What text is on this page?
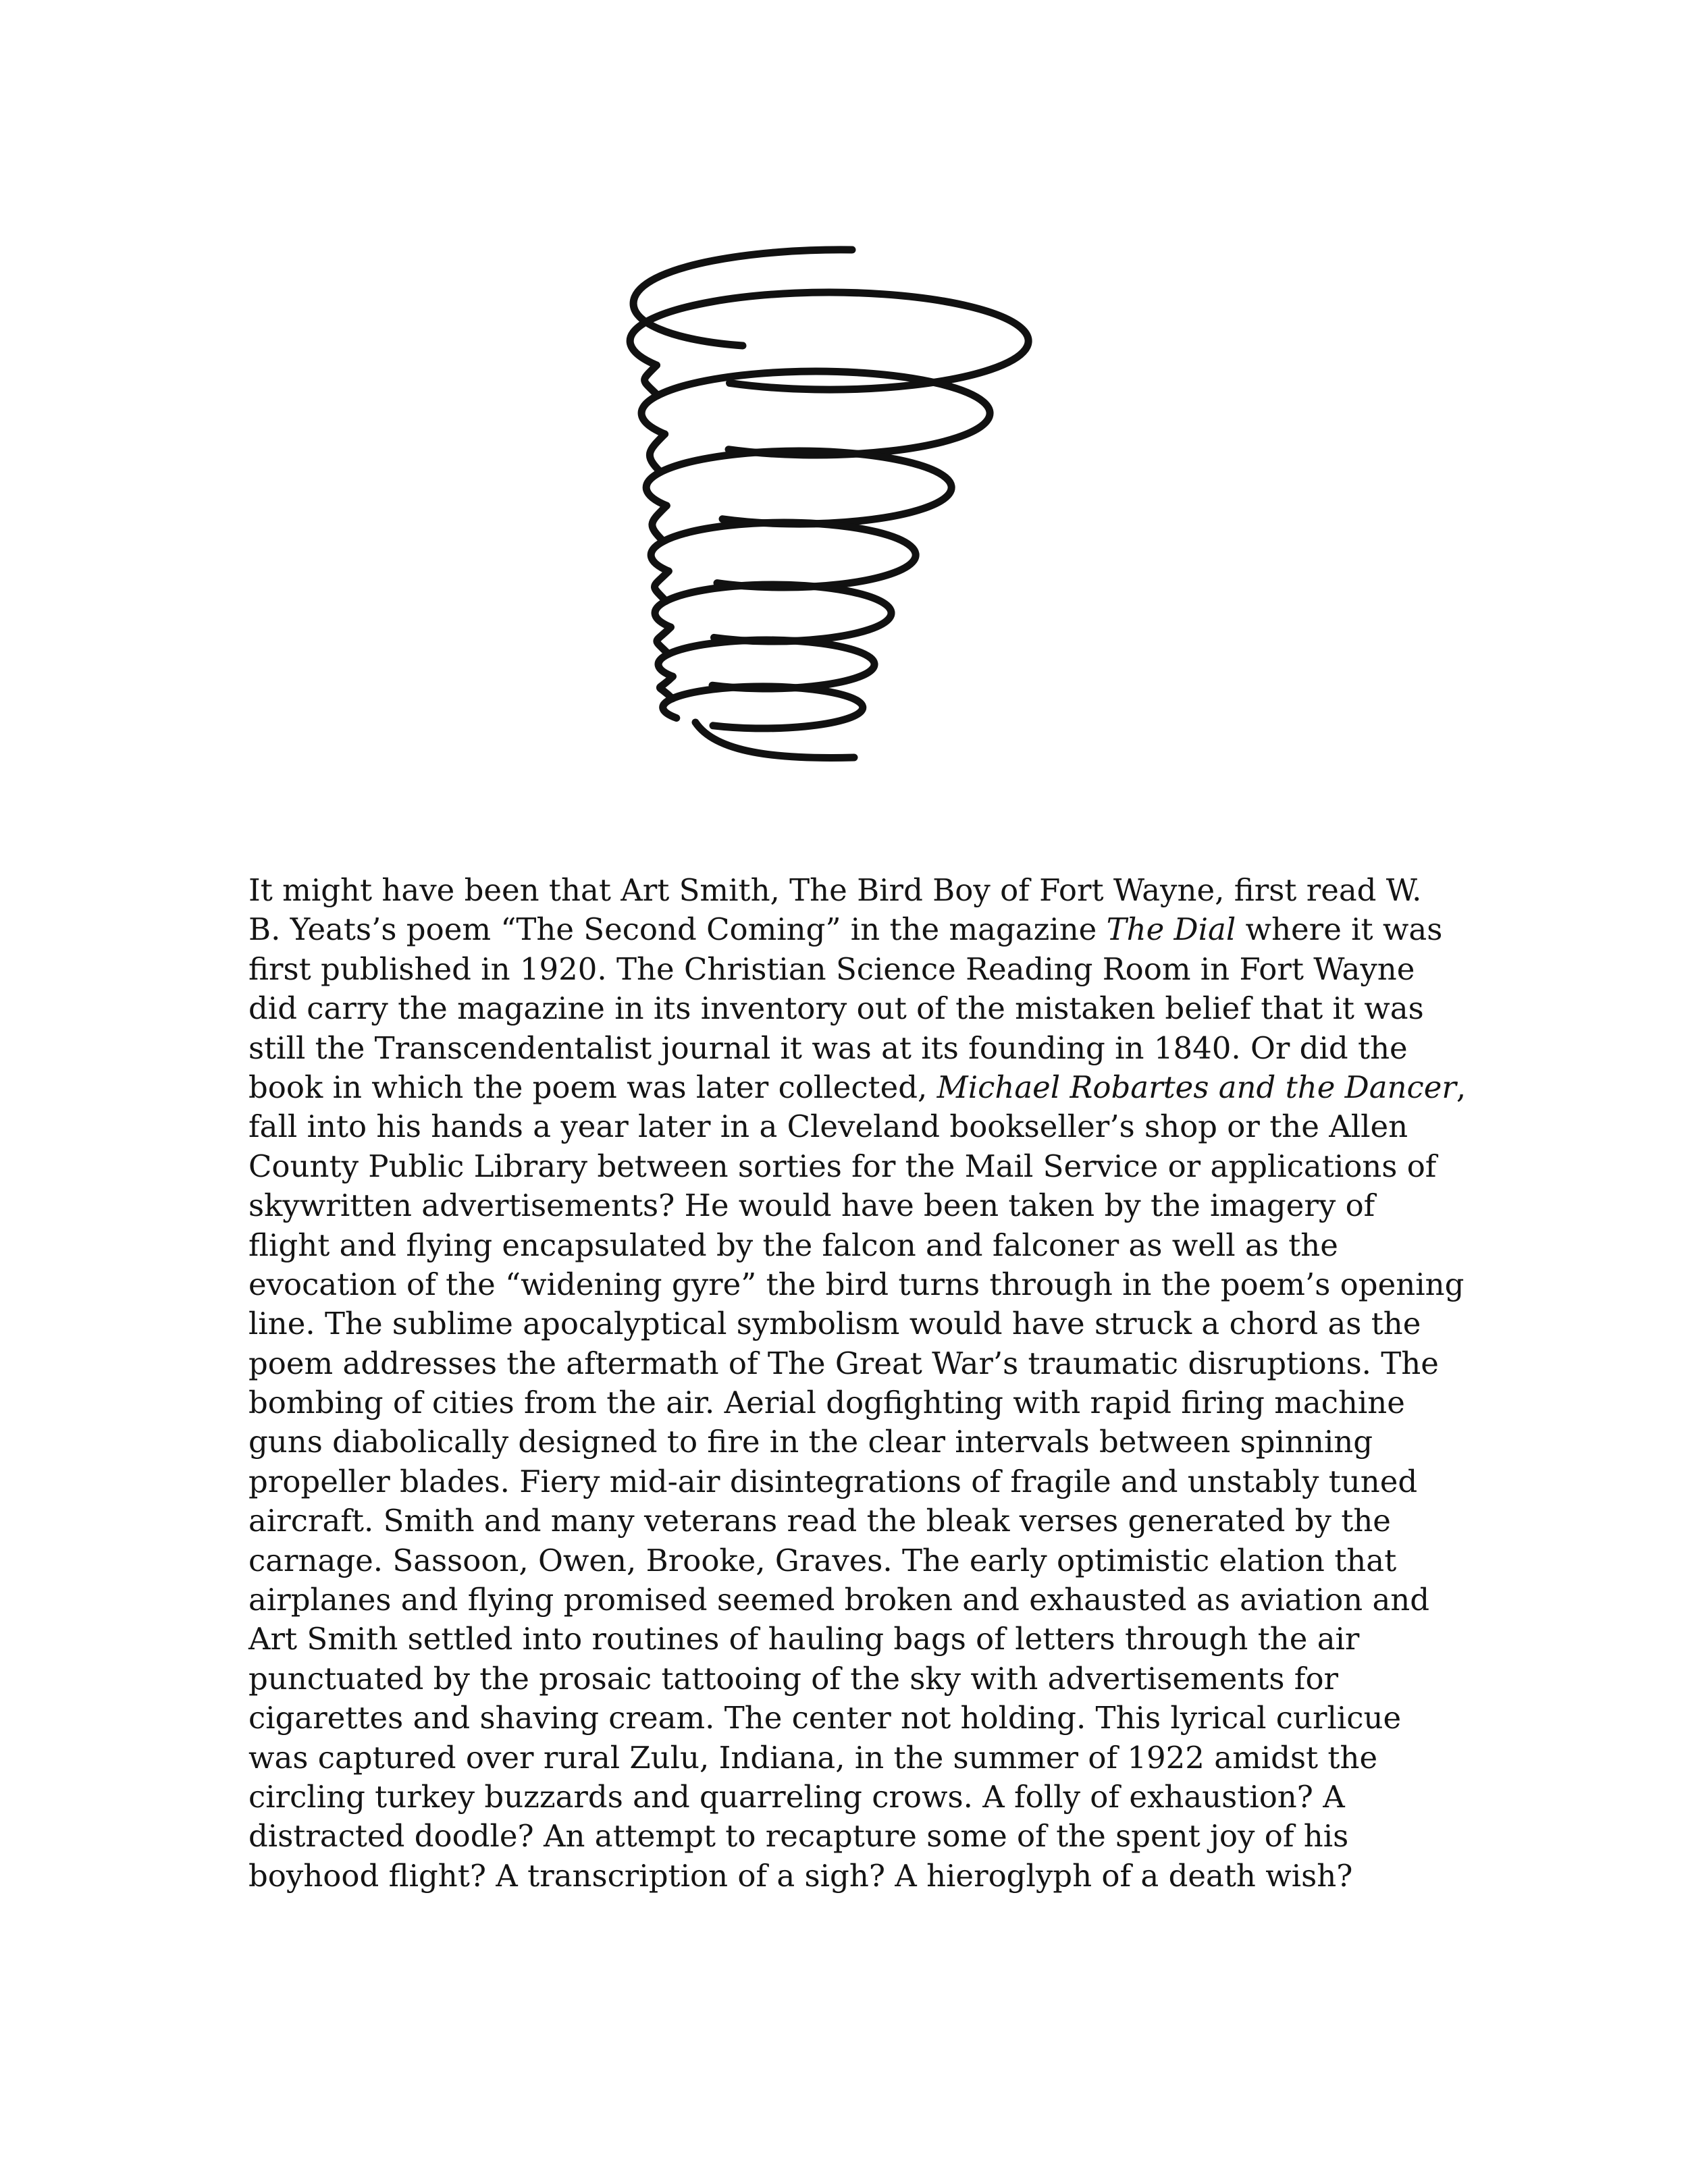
It might have been that Art Smith, The Bird Boy of Fort Wayne, first read W.
B. Yeats’s poem “The Second Coming” in the magazine The Dial where it was
first published in 1920. The Christian Science Reading Room in Fort Wayne
did carry the magazine in its inventory out of the mistaken belief that it was
still the Transcendentalist journal it was at its founding in 1840. Or did the
book in which the poem was later collected, Michael Robartes and the Dancer,
fall into his hands a year later in a Cleveland bookseller’s shop or the Allen
County Public Library between sorties for the Mail Service or applications of
skywritten advertisements? He would have been taken by the imagery of
flight and flying encapsulated by the falcon and falconer as well as the
evocation of the “widening gyre” the bird turns through in the poem’s opening
line. The sublime apocalyptical symbolism would have struck a chord as the
poem addresses the aftermath of The Great War’s traumatic disruptions. The
bombing of cities from the air. Aerial dogfighting with rapid firing machine
guns diabolically designed to fire in the clear intervals between spinning
propeller blades. Fiery mid-air disintegrations of fragile and unstably tuned
aircraft. Smith and many veterans read the bleak verses generated by the
carnage. Sassoon, Owen, Brooke, Graves. The early optimistic elation that
airplanes and flying promised seemed broken and exhausted as aviation and
Art Smith settled into routines of hauling bags of letters through the air
punctuated by the prosaic tattooing of the sky with advertisements for
cigarettes and shaving cream. The center not holding. This lyrical curlicue
was captured over rural Zulu, Indiana, in the summer of 1922 amidst the
circling turkey buzzards and quarreling crows. A folly of exhaustion? A
distracted doodle? An attempt to recapture some of the spent joy of his
boyhood flight? A transcription of a sigh? A hieroglyph of a death wish?
